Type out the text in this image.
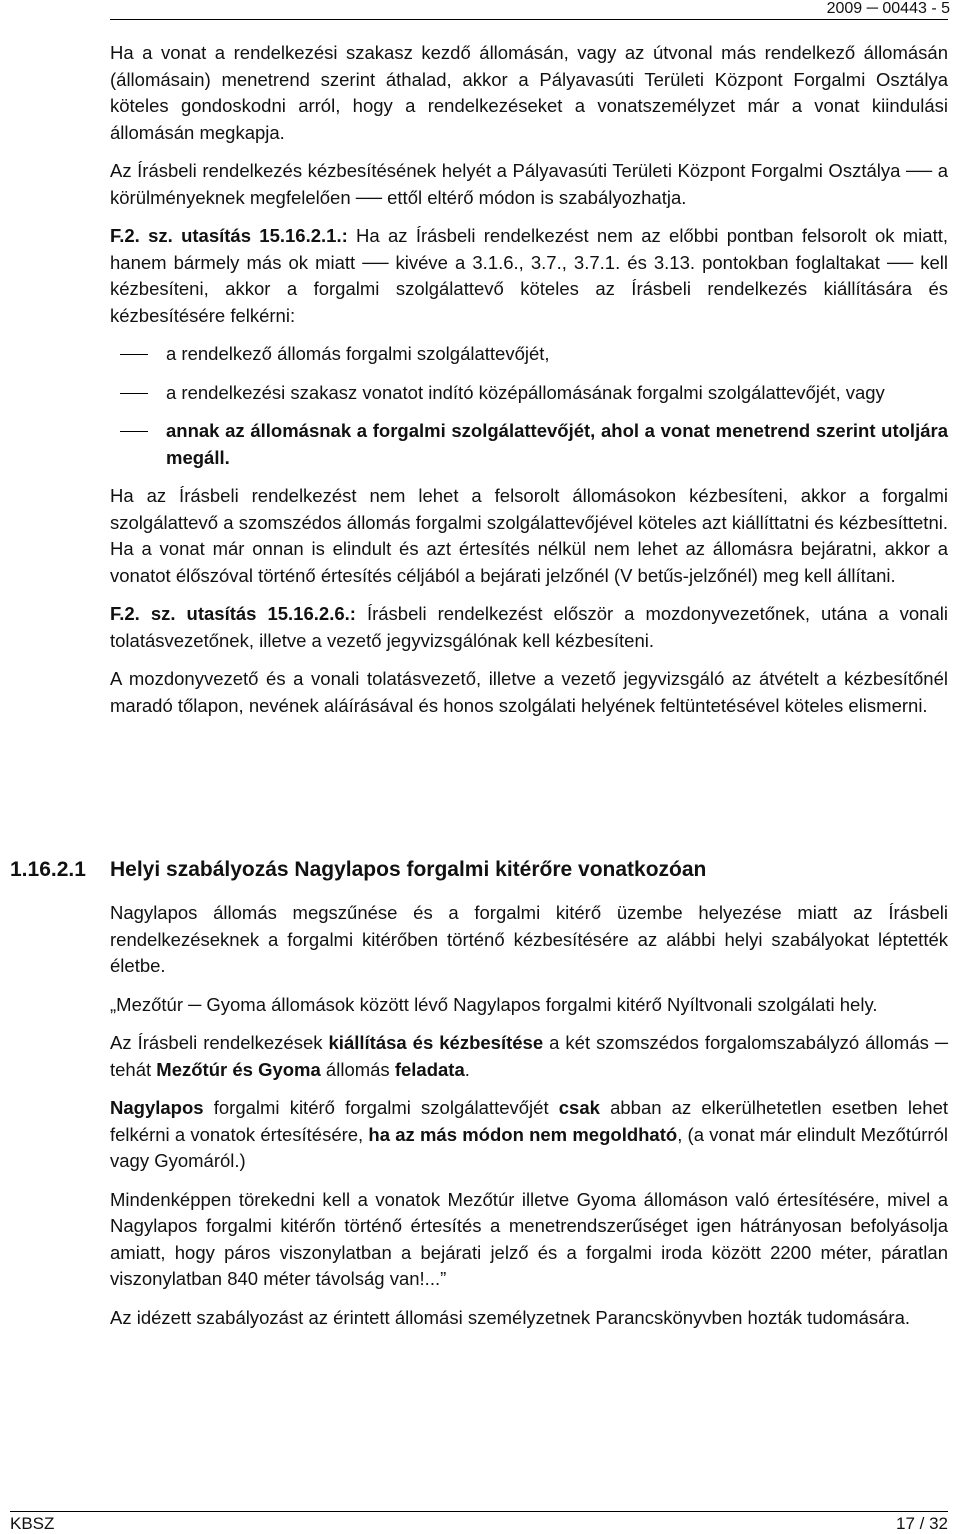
2009 ─ 00443 - 5

Ha a vonat a rendelkezési szakasz kezdő állomásán, vagy az útvonal más rendelkező állomásán (állomásain) menetrend szerint áthalad, akkor a Pályavasúti Területi Központ Forgalmi Osztálya köteles gondoskodni arról, hogy a rendelkezéseket a vonatszemélyzet már a vonat kiindulási állomásán megkapja.

Az Írásbeli rendelkezés kézbesítésének helyét a Pályavasúti Területi Központ Forgalmi Osztálya ── a körülményeknek megfelelően ── ettől eltérő módon is szabályozhatja.

F.2. sz. utasítás 15.16.2.1.: Ha az Írásbeli rendelkezést nem az előbbi pontban felsorolt ok miatt, hanem bármely más ok miatt ── kivéve a 3.1.6., 3.7., 3.7.1. és 3.13. pontokban foglaltakat ── kell kézbesíteni, akkor a forgalmi szolgálattevő köteles az Írásbeli rendelkezés kiállítására és kézbesítésére felkérni:

a rendelkező állomás forgalmi szolgálattevőjét,
a rendelkezési szakasz vonatot indító középállomásának forgalmi szolgálattevőjét, vagy
annak az állomásnak a forgalmi szolgálattevőjét, ahol a vonat menetrend szerint utoljára megáll.

Ha az Írásbeli rendelkezést nem lehet a felsorolt állomásokon kézbesíteni, akkor a forgalmi szolgálattevő a szomszédos állomás forgalmi szolgálattevőjével köteles azt kiállíttatni és kézbesíttetni. Ha a vonat már onnan is elindult és azt értesítés nélkül nem lehet az állomásra bejáratni, akkor a vonatot élőszóval történő értesítés céljából a bejárati jelzőnél (V betűs-jelzőnél) meg kell állítani.

F.2. sz. utasítás 15.16.2.6.: Írásbeli rendelkezést először a mozdonyvezetőnek, utána a vonali tolatásvezetőnek, illetve a vezető jegyvizsgálónak kell kézbesíteni.

A mozdonyvezető és a vonali tolatásvezető, illetve a vezető jegyvizsgáló az átvételt a kézbesítőnél maradó tőlapon, nevének aláírásával és honos szolgálati helyének feltüntetésével köteles elismerni.

1.16.2.1 Helyi szabályozás Nagylapos forgalmi kitérőre vonatkozóan

Nagylapos állomás megszűnése és a forgalmi kitérő üzembe helyezése miatt az Írásbeli rendelkezéseknek a forgalmi kitérőben történő kézbesítésére az alábbi helyi szabályokat léptették életbe.

„Mezőtúr ─ Gyoma állomások között lévő Nagylapos forgalmi kitérő Nyíltvonali szolgálati hely.

Az Írásbeli rendelkezések kiállítása és kézbesítése a két szomszédos forgalomszabályzó állomás ─ tehát Mezőtúr és Gyoma állomás feladata.

Nagylapos forgalmi kitérő forgalmi szolgálattevőjét csak abban az elkerülhetetlen esetben lehet felkérni a vonatok értesítésére, ha az más módon nem megoldható, (a vonat már elindult Mezőtúrról vagy Gyomáról.)

Mindenképpen törekedni kell a vonatok Mezőtúr illetve Gyoma állomáson való értesítésére, mivel a Nagylapos forgalmi kitérőn történő értesítés a menetrendszerűséget igen hátrányosan befolyásolja amiatt, hogy páros viszonylatban a bejárati jelző és a forgalmi iroda között 2200 méter, páratlan viszonylatban 840 méter távolság van!...”

Az idézett szabályozást az érintett állomási személyzetnek Parancskönyvben hozták tudomására.

KBSZ	17 / 32
